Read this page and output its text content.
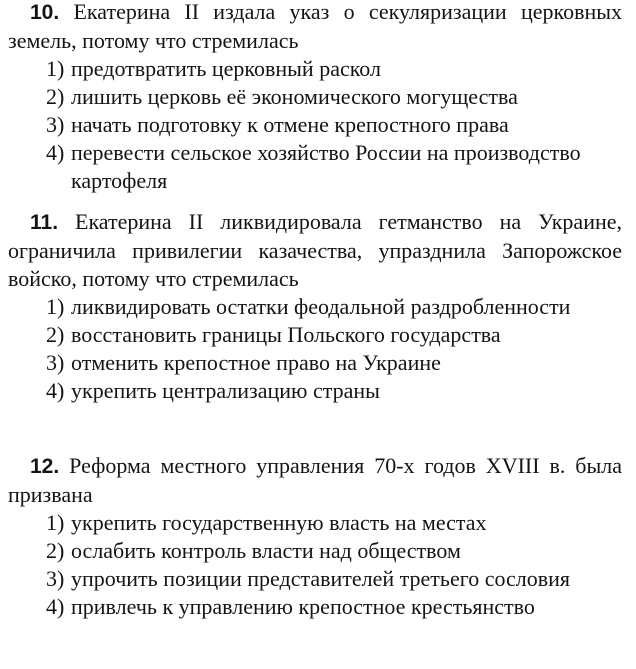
10. Екатерина II издала указ о секуляризации церковных земель, потому что стремилась

1) предотвратить церковный раскол
2) лишить церковь её экономического могущества
3) начать подготовку к отмене крепостного права
4) перевести сельское хозяйство России на производство картофеля

11. Екатерина II ликвидировала гетманство на Украине, ограничила привилегии казачества, упразднила Запорожское войско, потому что стремилась

1) ликвидировать остатки феодальной раздробленности
2) восстановить границы Польского государства
3) отменить крепостное право на Украине
4) укрепить централизацию страны

12. Реформа местного управления 70-х годов XVIII в. была призвана

1) укрепить государственную власть на местах
2) ослабить контроль власти над обществом
3) упрочить позиции представителей третьего сословия
4) привлечь к управлению крепостное крестьянство
